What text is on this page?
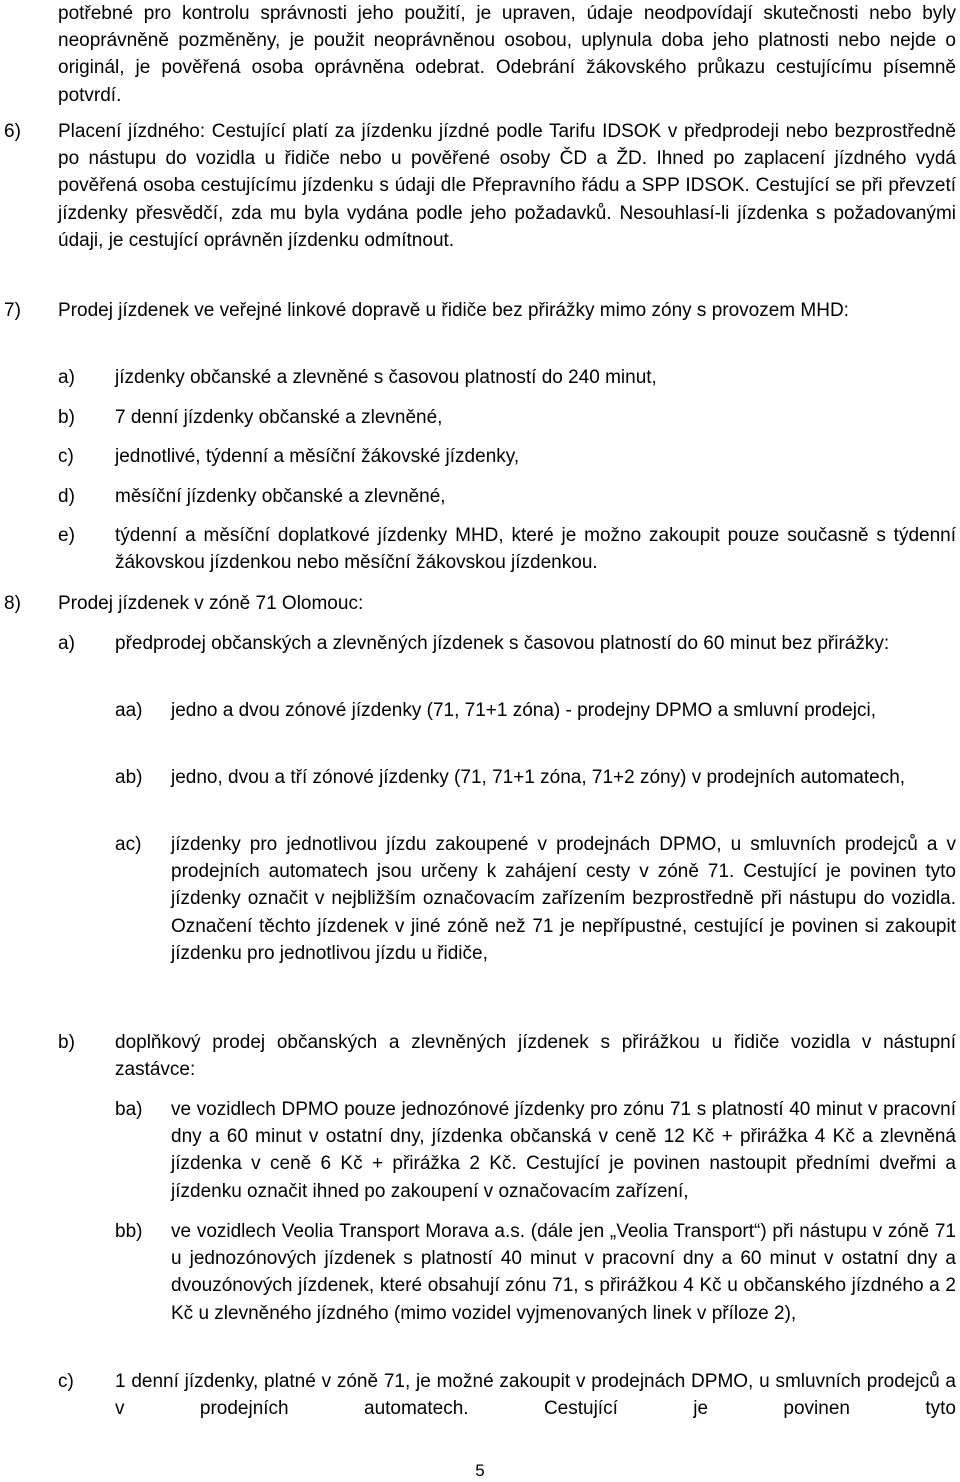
potřebné pro kontrolu správnosti jeho použití, je upraven, údaje neodpovídají skutečnosti nebo byly neoprávněně pozměněny, je použit neoprávněnou osobou, uplynula doba jeho platnosti nebo nejde o originál, je pověřená osoba oprávněna odebrat. Odebrání žákovského průkazu cestujícímu písemně potvrdí.

6) Placení jízdného: Cestující platí za jízdenku jízdné podle Tarifu IDSOK v předprodeji nebo bezprostředně po nástupu do vozidla u řidiče nebo u pověřené osoby ČD a ŽD. Ihned po zaplacení jízdného vydá pověřená osoba cestujícímu jízdenku s údaji dle Přepravního řádu a SPP IDSOK. Cestující se při převzetí jízdenky přesvědčí, zda mu byla vydána podle jeho požadavků. Nesouhlasí-li jízdenka s požadovanými údaji, je cestující oprávněn jízdenku odmítnout.
7) Prodej jízdenek ve veřejné linkové dopravě u řidiče bez přirážky mimo zóny s provozem MHD:
a) jízdenky občanské a zlevněné s časovou platností do 240 minut,
b) 7 denní jízdenky občanské a zlevněné,
c) jednotlivé, týdenní a měsíční žákovské jízdenky,
d) měsíční jízdenky občanské a zlevněné,
e) týdenní a měsíční doplatkové jízdenky MHD, které je možno zakoupit pouze současně s týdenní žákovskou jízdenkou nebo měsíční žákovskou jízdenkou.
8) Prodej jízdenek v zóně 71 Olomouc:
a) předprodej občanských a zlevněných jízdenek s časovou platností do 60 minut bez přirážky:
aa) jedno a dvou zónové jízdenky (71, 71+1 zóna) - prodejny DPMO a smluvní prodejci,
ab) jedno, dvou a tří zónové jízdenky (71, 71+1 zóna, 71+2 zóny) v prodejních automatech,
ac) jízdenky pro jednotlivou jízdu zakoupené v prodejnách DPMO, u smluvních prodejců a v prodejních automatech jsou určeny k zahájení cesty v zóně 71. Cestující je povinen tyto jízdenky označit v nejbližším označovacím zařízením bezprostředně při nástupu do vozidla. Označení těchto jízdenek v jiné zóně než 71 je nepřípustné, cestující je povinen si zakoupit jízdenku pro jednotlivou jízdu u řidiče,
b) doplňkový prodej občanských a zlevněných jízdenek s přirážkou u řidiče vozidla v nástupní zastávce:
ba) ve vozidlech DPMO pouze jednozónové jízdenky pro zónu 71 s platností 40 minut v pracovní dny a 60 minut v ostatní dny, jízdenka občanská v ceně 12 Kč + přirážka 4 Kč a zlevněná jízdenka v ceně 6 Kč + přirážka 2 Kč. Cestující je povinen nastoupit předními dveřmi a jízdenku označit ihned po zakoupení v označovacím zařízení,
bb) ve vozidlech Veolia Transport Morava a.s. (dále jen „Veolia Transport“) při nástupu v zóně 71 u jednozónových jízdenek s platností 40 minut v pracovní dny a 60 minut v ostatní dny a dvouzónových jízdenek, které obsahují zónu 71, s přirážkou 4 Kč u občanského jízdného a 2 Kč u zlevněného jízdného (mimo vozidel vyjmenovaných linek v příloze 2),
c) 1 denní jízdenky, platné v zóně 71, je možné zakoupit v prodejnách DPMO, u smluvních prodejců a v prodejních automatech. Cestující je povinen tyto
5
